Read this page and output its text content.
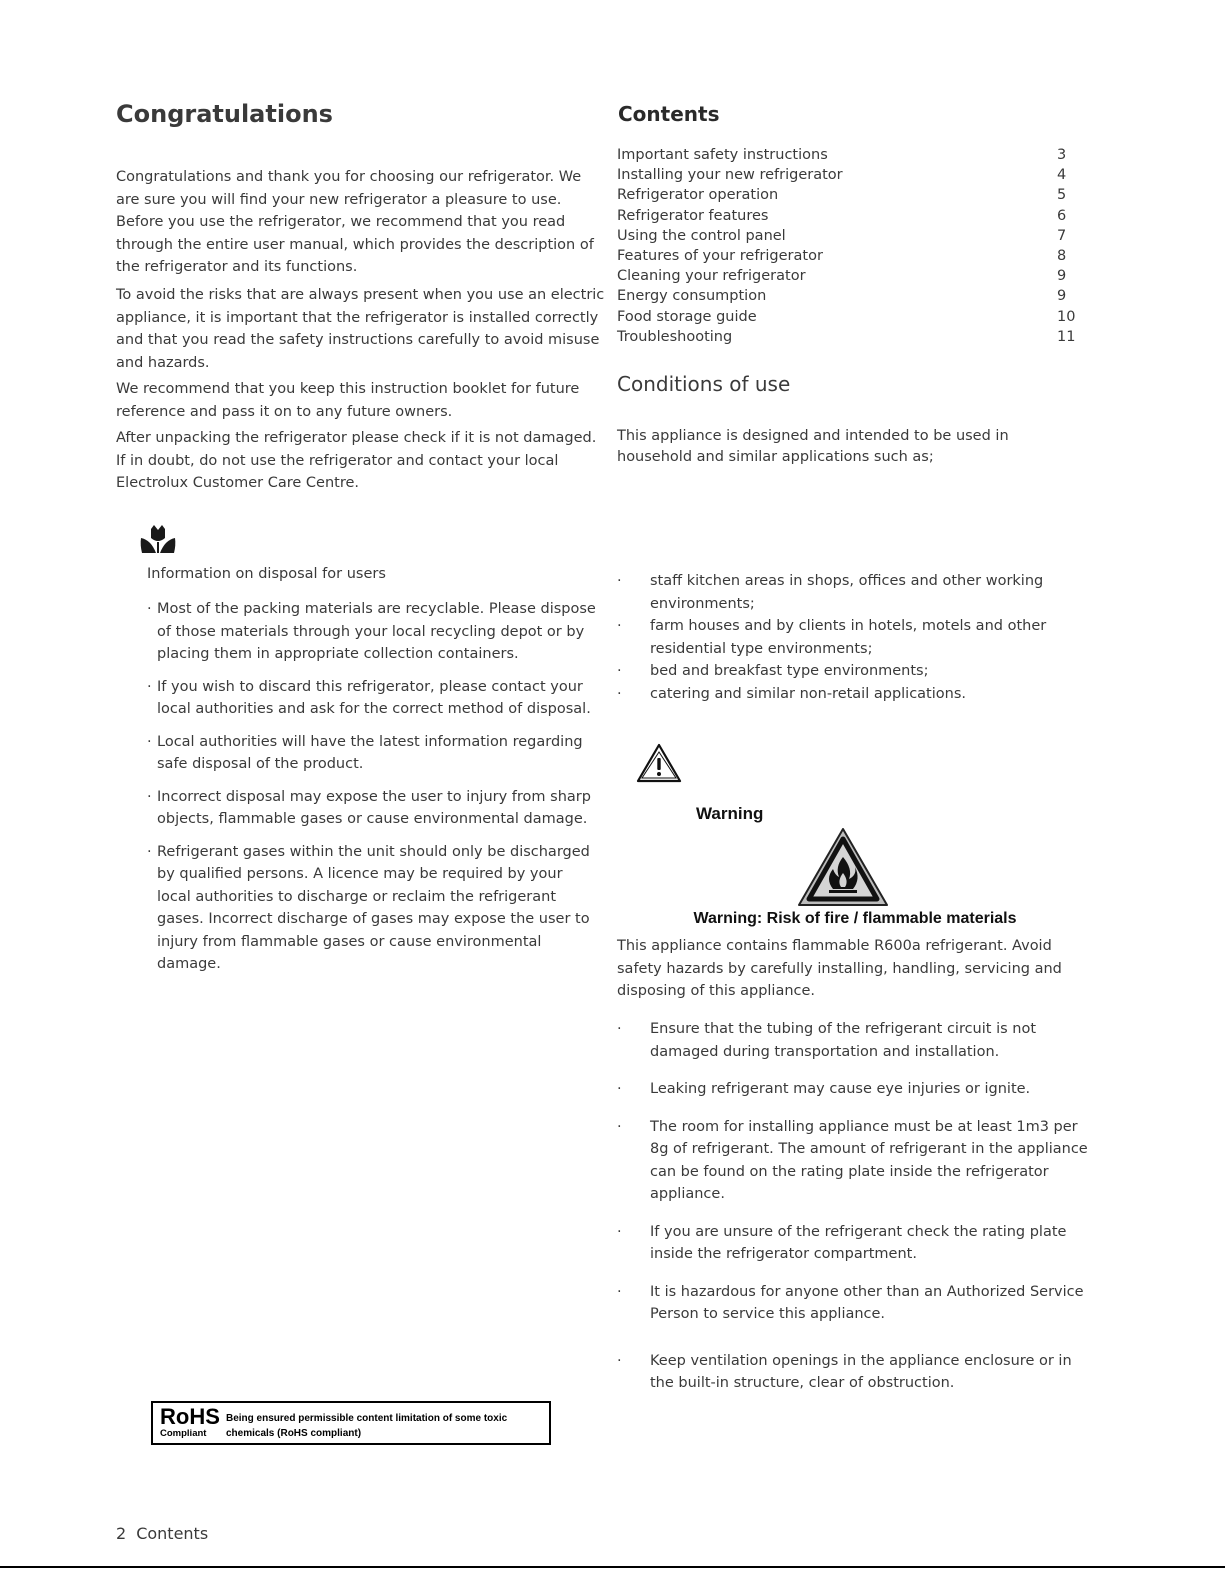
Congratulations

Congratulations and thank you for choosing our refrigerator. We are sure you will find your new refrigerator a pleasure to use. Before you use the refrigerator, we recommend that you read through the entire user manual, which provides the description of the refrigerator and its functions.

To avoid the risks that are always present when you use an electric appliance, it is important that the refrigerator is installed correctly and that you read the safety instructions carefully to avoid misuse and hazards.

We recommend that you keep this instruction booklet for future reference and pass it on to any future owners.

After unpacking the refrigerator please check if it is not damaged. If in doubt, do not use the refrigerator and contact your local Electrolux Customer Care Centre.

Information on disposal for users
· Most of the packing materials are recyclable. Please dispose of those materials through your local recycling depot or by placing them in appropriate collection containers.
· If you wish to discard this refrigerator, please contact your local authorities and ask for the correct method of disposal.
· Local authorities will have the latest information regarding safe disposal of the product.
· Incorrect disposal may expose the user to injury from sharp objects, flammable gases or cause environmental damage.
· Refrigerant gases within the unit should only be discharged by qualified persons. A licence may be required by your local authorities to discharge or reclaim the refrigerant gases. Incorrect discharge of gases may expose the user to injury from flammable gases or cause environmental damage.
RoHS
Compliant
Being ensured permissible content limitation of some toxic chemicals (RoHS compliant)
2 Contents
Contents
Important safety instructions	3
Installing your new refrigerator	4
Refrigerator operation	5
Refrigerator features	6
Using the control panel	7
Features of your refrigerator	8
Cleaning your refrigerator	9
Energy consumption	9
Food storage guide	10
Troubleshooting	11
Conditions of use

This appliance is designed and intended to be used in household and similar applications such as;

· staff kitchen areas in shops, offices and other working environments;
· farm houses and by clients in hotels, motels and other residential type environments;
· bed and breakfast type environments;
· catering and similar non-retail applications.
Warning
Warning: Risk of fire / flammable materials

This appliance contains flammable R600a refrigerant. Avoid safety hazards by carefully installing, handling, servicing and disposing of this appliance.

· Ensure that the tubing of the refrigerant circuit is not damaged during transportation and installation.
· Leaking refrigerant may cause eye injuries or ignite.
· The room for installing appliance must be at least 1m3 per 8g of refrigerant. The amount of refrigerant in the appliance can be found on the rating plate inside the refrigerator appliance.
· If you are unsure of the refrigerant check the rating plate inside the refrigerator compartment.
· It is hazardous for anyone other than an Authorized Service Person to service this appliance.
· Keep ventilation openings in the appliance enclosure or in the built-in structure, clear of obstruction.
